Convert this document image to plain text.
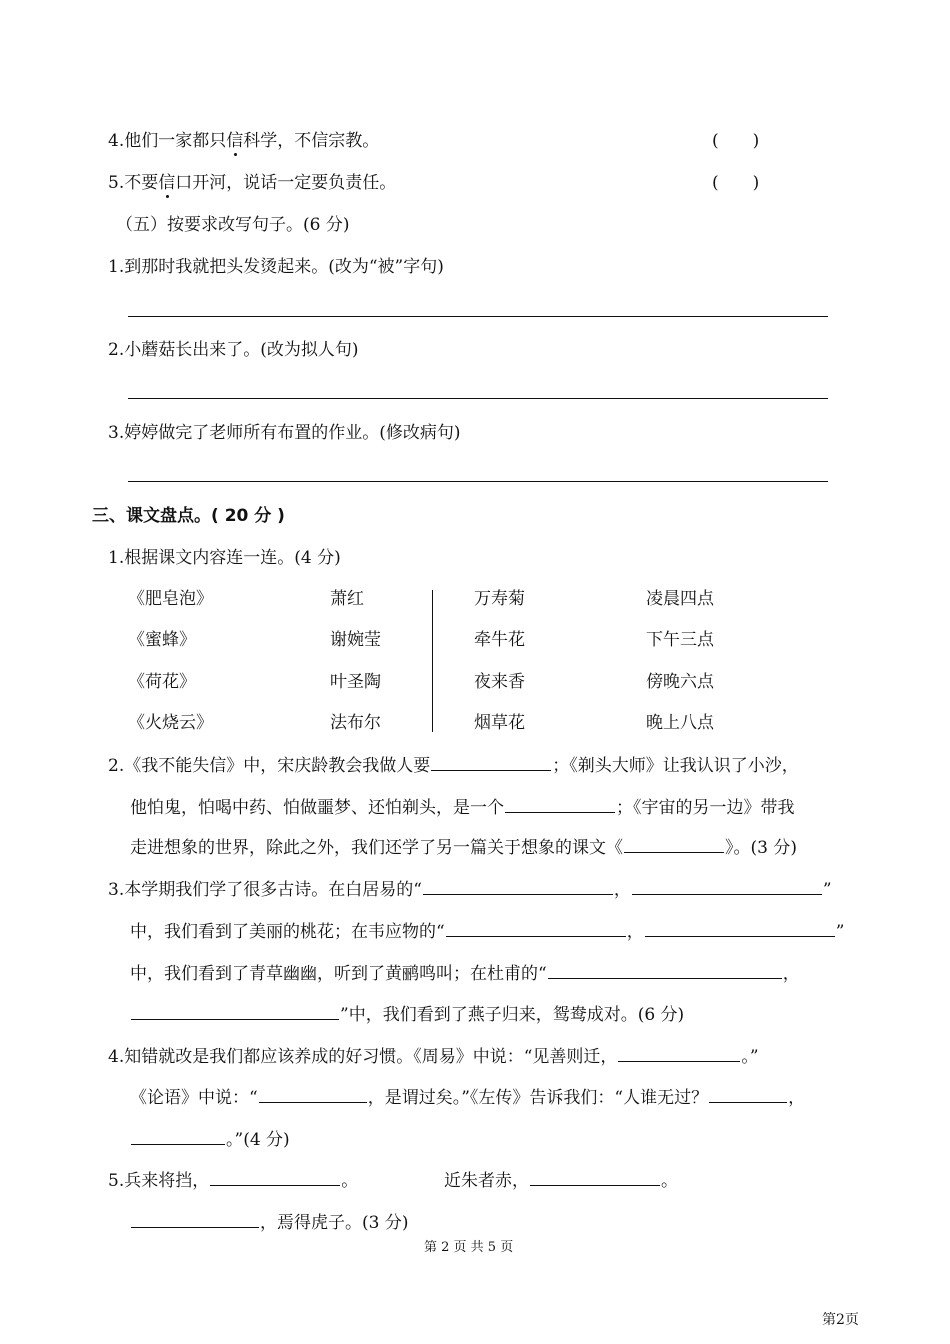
4.他们一家都只信科学，不信宗教。	(　　)
5.不要信口开河，说话一定要负责任。	(　　)
（五）按要求改写句子。(6 分)
1.到那时我就把头发烫起来。(改为“被”字句)
2.小蘑菇长出来了。(改为拟人句)
3.婷婷做完了老师所有布置的作业。(修改病句)
三、课文盘点。( 20 分 )
1.根据课文内容连一连。(4 分)
《肥皂泡》	萧红	万寿菊	凌晨四点
《蜜蜂》	谢婉莹	牵牛花	下午三点
《荷花》	叶圣陶	夜来香	傍晚六点
《火烧云》	法布尔	烟草花	晚上八点
2.《我不能失信》中，宋庆龄教会我做人要	；《剃头大师》让我认识了小沙，
他怕鬼，怕喝中药、怕做噩梦、还怕剃头，是一个	；《宇宙的另一边》带我
走进想象的世界，除此之外，我们还学了另一篇关于想象的课文《	》。(3 分)
3.本学期我们学了很多古诗。在白居易的“	，	”
中，我们看到了美丽的桃花；在韦应物的“	，	”
中，我们看到了青草幽幽，听到了黄鹂鸣叫；在杜甫的“	，
”中，我们看到了燕子归来，鸳鸯成对。(6 分)
4.知错就改是我们都应该养成的好习惯。《周易》中说：“见善则迁，	。”
《论语》中说：“	，是谓过矣。”《左传》告诉我们：“人谁无过？	，
。”(4 分)
5.兵来将挡，	。	近朱者赤，	。
，焉得虎子。(3 分)
第 2 页 共 5 页
第2页
